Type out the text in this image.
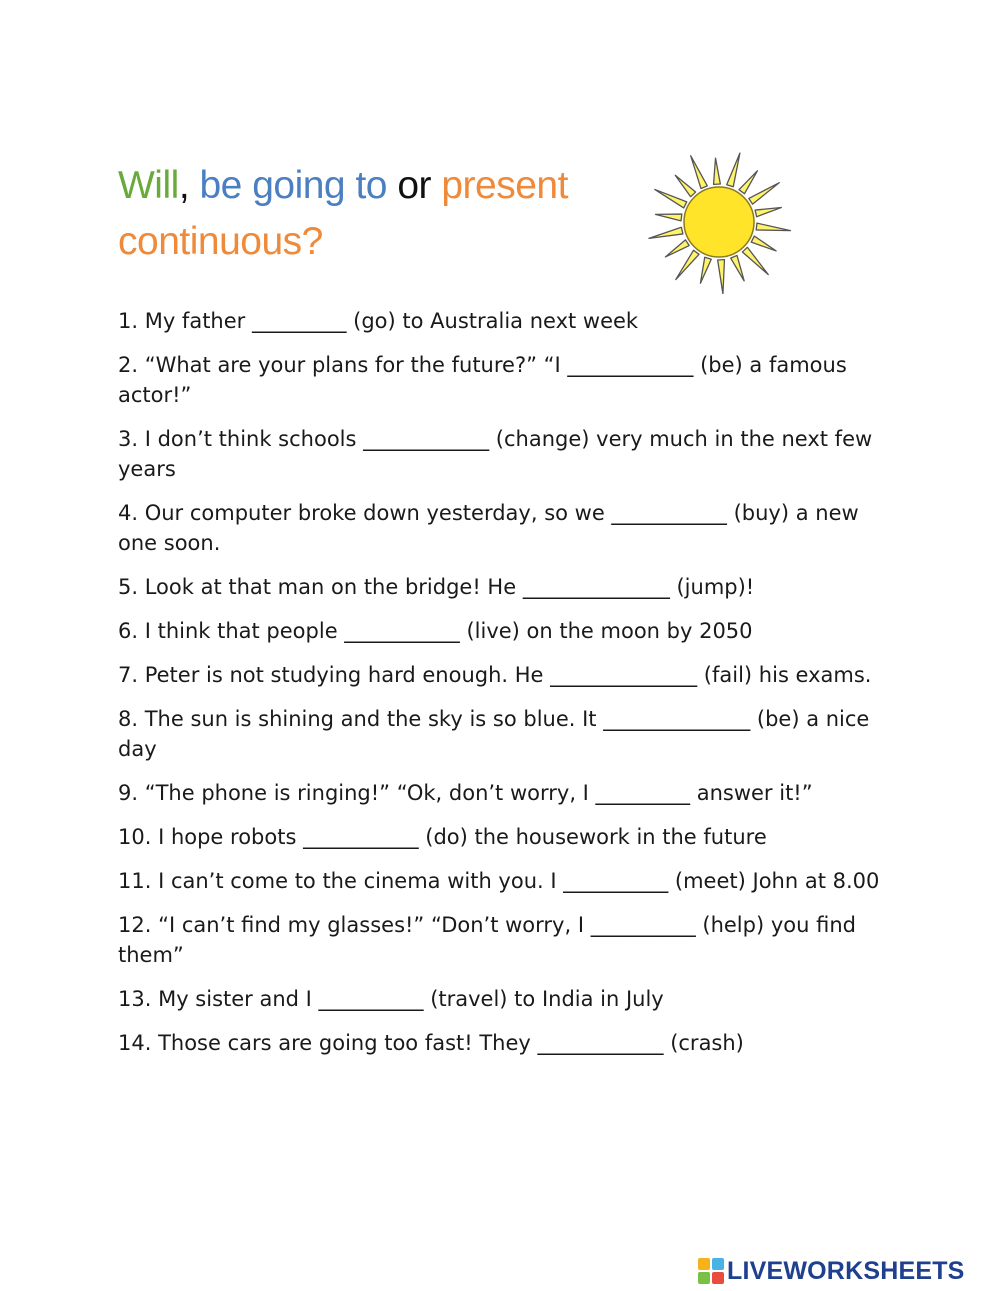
Will, be going to or present continuous?
1. My father _________ (go) to Australia next week
2. “What are your plans for the future?” “I ____________ (be) a famous actor!”
3. I don’t think schools ____________ (change) very much in the next few years
4. Our computer broke down yesterday, so we ___________ (buy) a new one soon.
5. Look at that man on the bridge! He ______________ (jump)!
6. I think that people ___________ (live) on the moon by 2050
7. Peter is not studying hard enough. He ______________ (fail) his exams.
8. The sun is shining and the sky is so blue. It ______________ (be) a nice day
9. “The phone is ringing!” “Ok, don’t worry, I _________ answer it!”
10. I hope robots ___________ (do) the housework in the future
11. I can’t come to the cinema with you. I __________ (meet) John at 8.00
12. “I can’t find my glasses!” “Don’t worry, I __________ (help) you find them”
13. My sister and I __________ (travel) to India in July
14. Those cars are going too fast! They ____________ (crash)
LIVEWORKSHEETS
